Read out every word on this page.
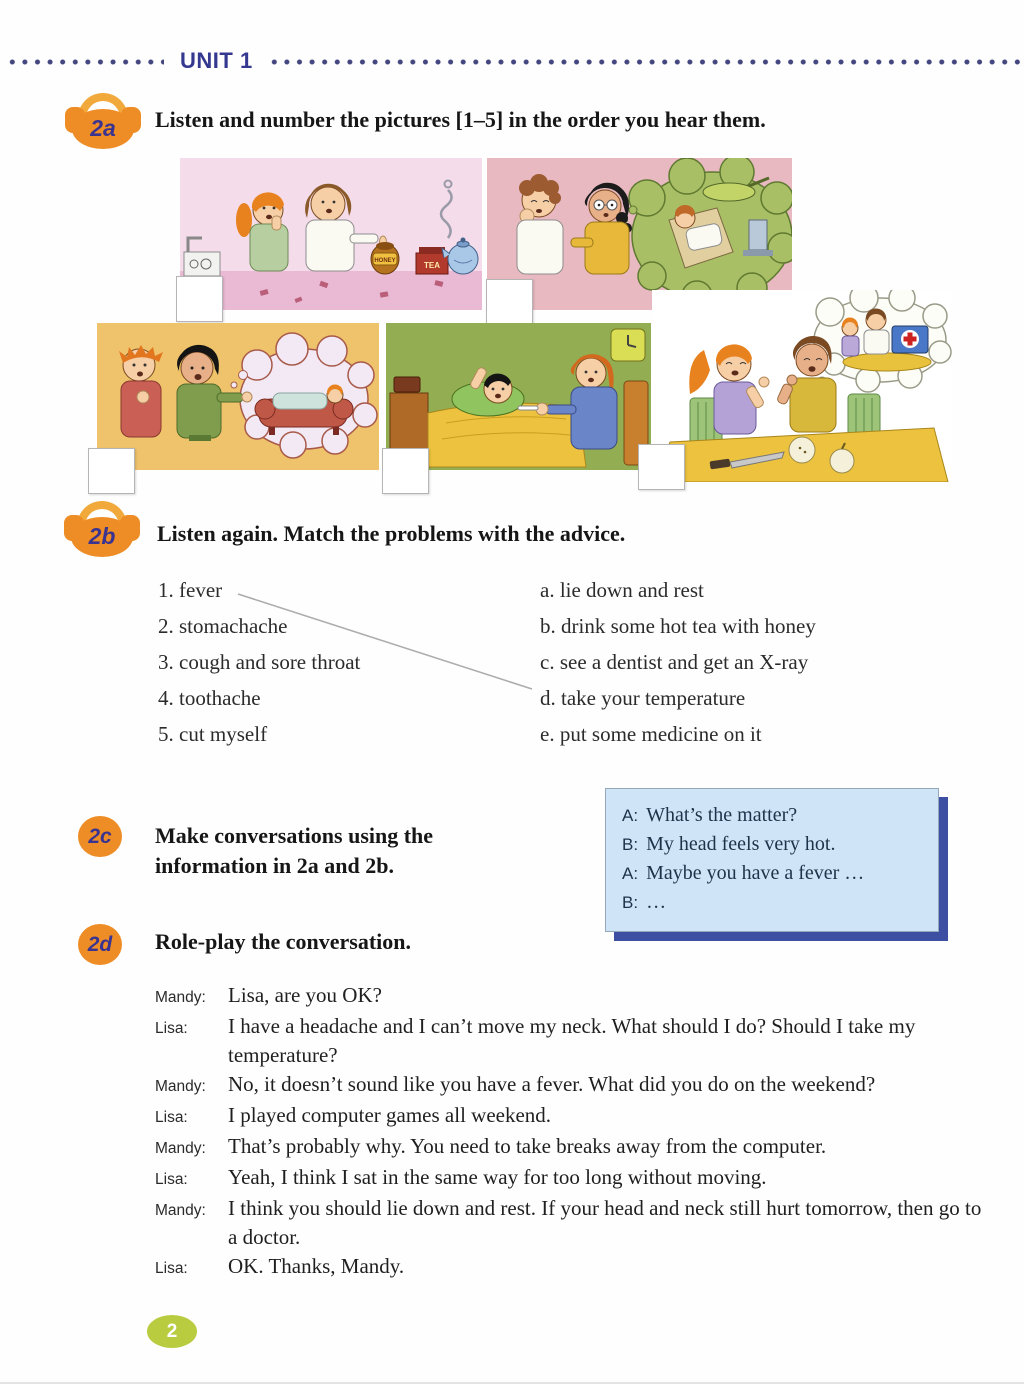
UNIT 1
2a	Listen and number the pictures [1–5] in the order you hear them.
HONEY	TEA
2b	Listen again. Match the problems with the advice.
1. fever
2. stomachache
3. cough and sore throat
4. toothache
5. cut myself
a. lie down and rest
b. drink some hot tea with honey
c. see a dentist and get an X-ray
d. take your temperature
e. put some medicine on it
2c Make conversations using the
information in 2a and 2b.
A: What’s the matter?
B: My head feels very hot.
A: Maybe you have a fever …
B: …
2d Role-play the conversation.
Mandy:	Lisa, are you OK?
Lisa:	I have a headache and I can’t move my neck. What should I do? Should I take my temperature?
Mandy:	No, it doesn’t sound like you have a fever. What did you do on the weekend?
Lisa:	I played computer games all weekend.
Mandy:	That’s probably why. You need to take breaks away from the computer.
Lisa:	Yeah, I think I sat in the same way for too long without moving.
Mandy:	I think you should lie down and rest. If your head and neck still hurt tomorrow, then go to a doctor.
Lisa:	OK. Thanks, Mandy.
2
